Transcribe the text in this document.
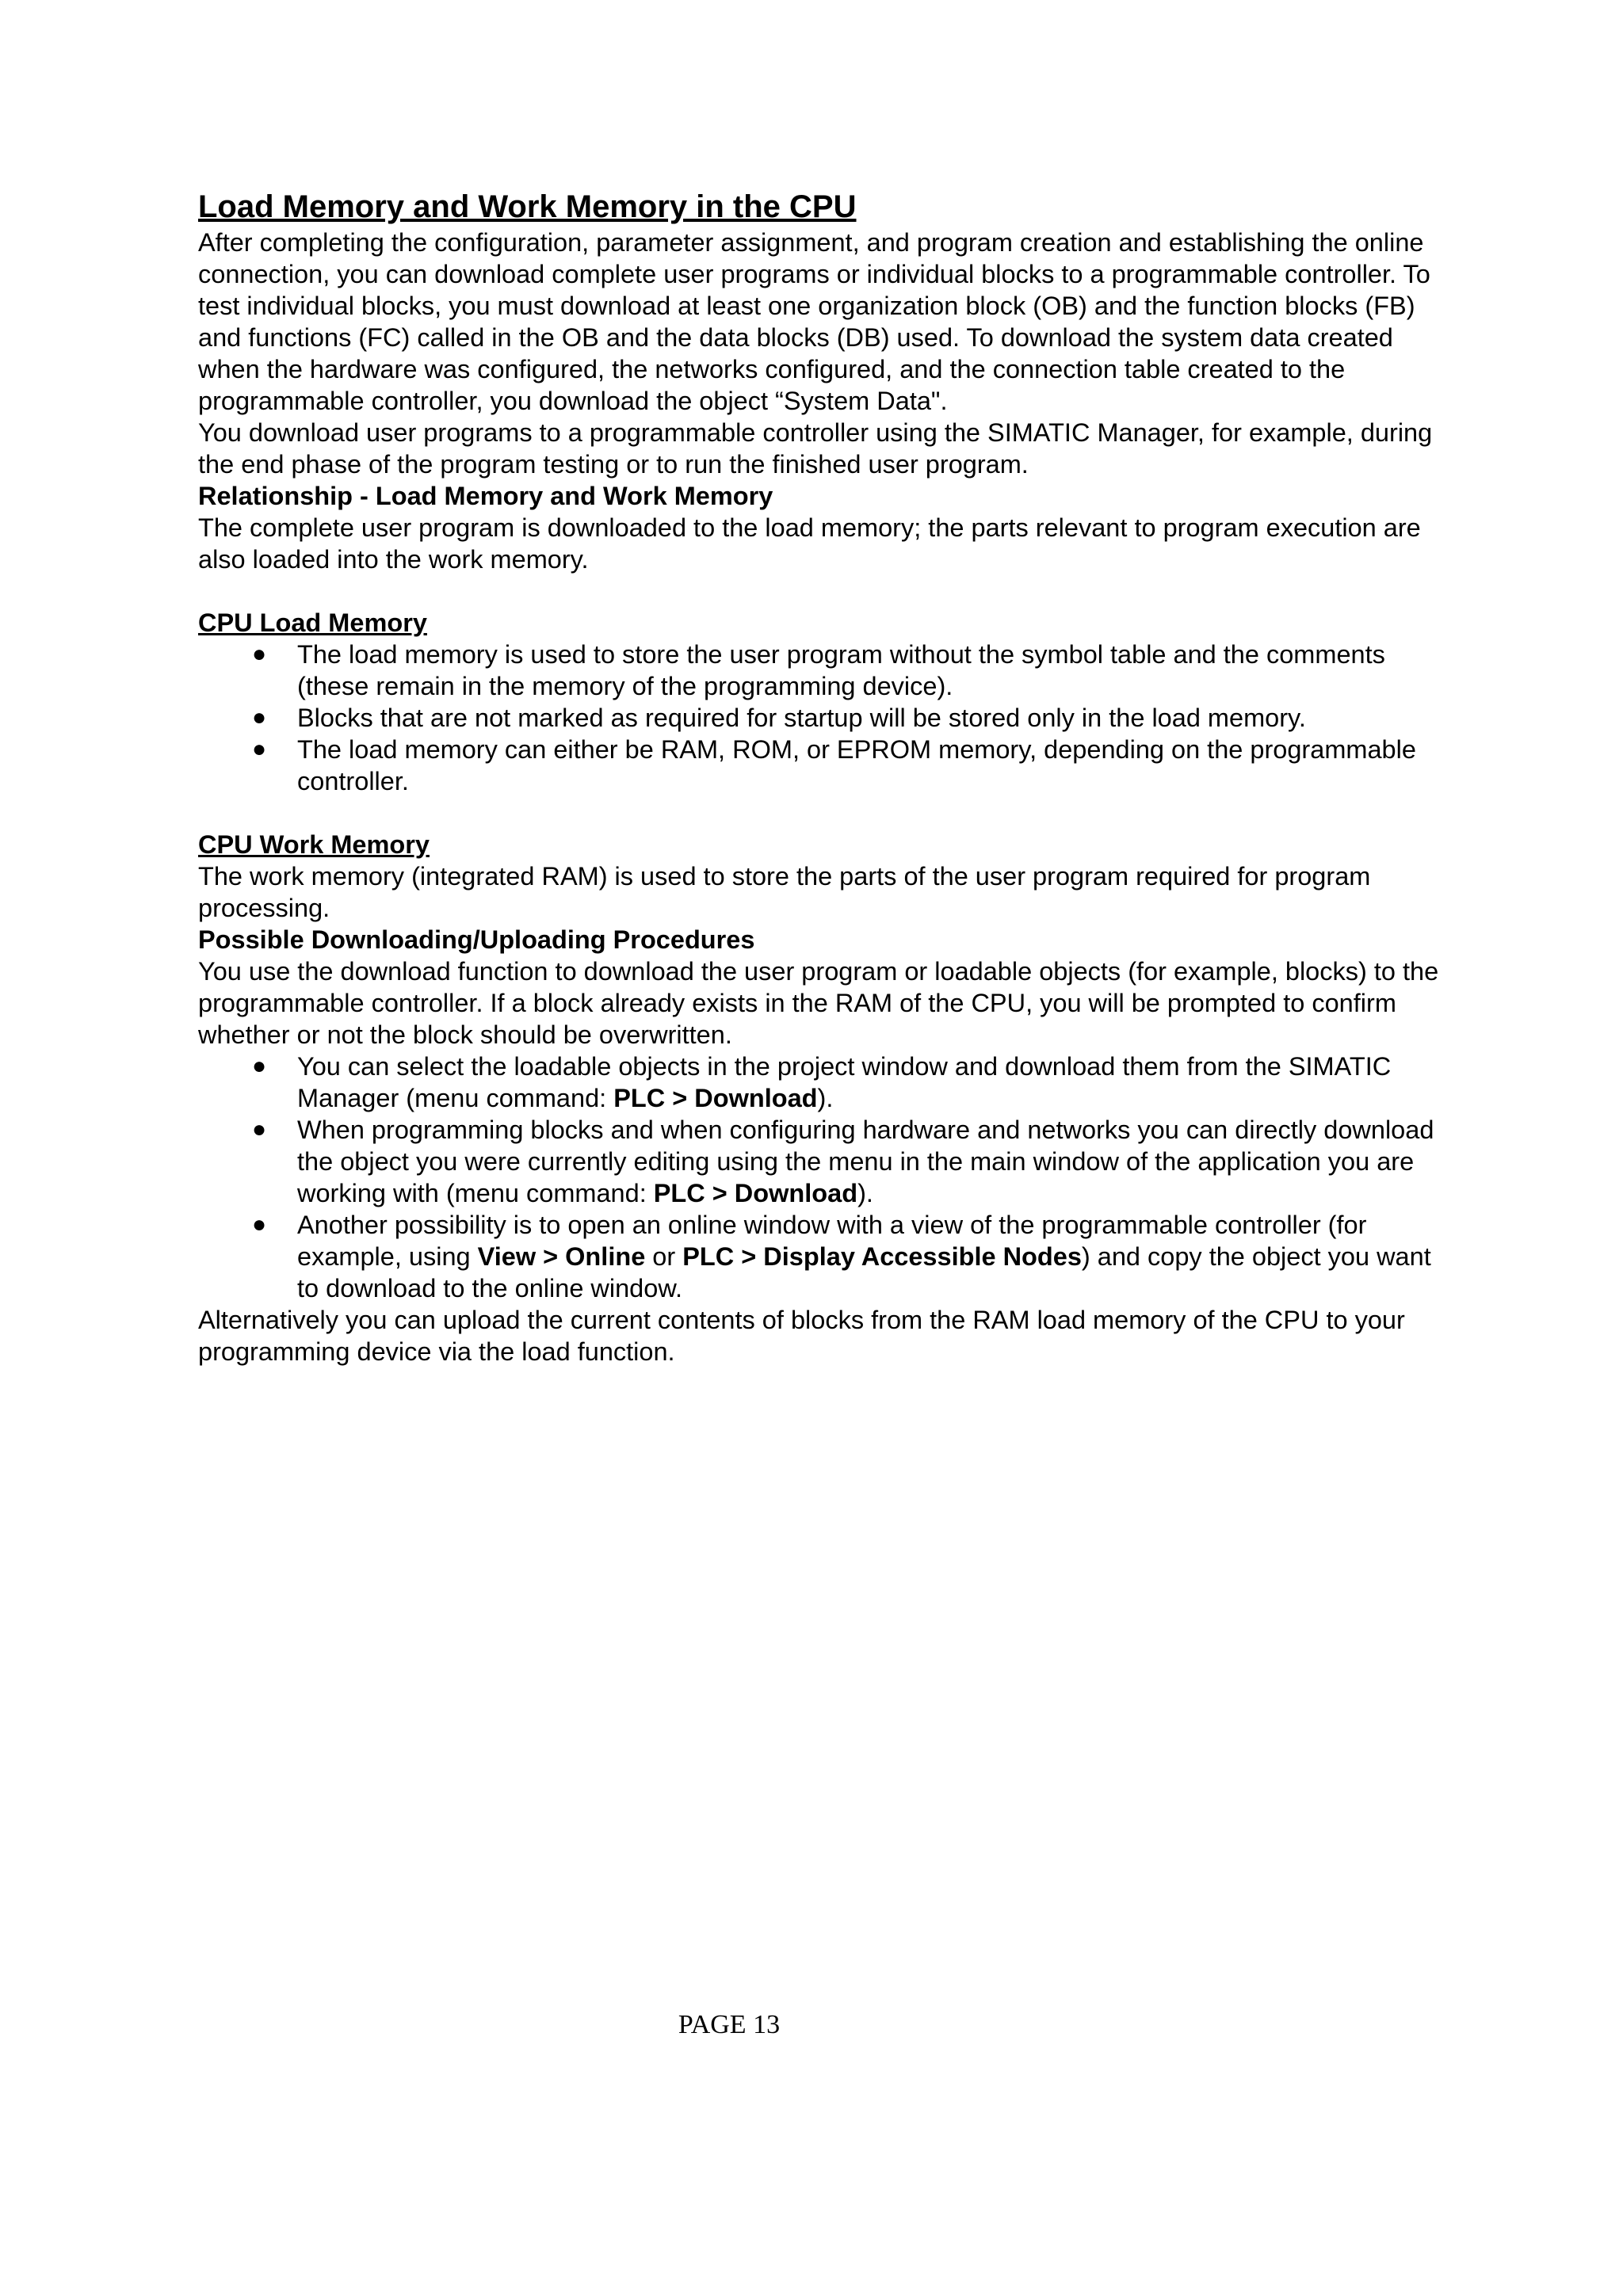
Load Memory and Work Memory in the CPU

After completing the configuration, parameter assignment, and program creation and establishing the online connection, you can download complete user programs or individual blocks to a programmable controller. To test individual blocks, you must download at least one organization block (OB) and the function blocks (FB) and functions (FC) called in the OB and the data blocks (DB) used. To download the system data created when the hardware was configured, the networks configured, and the connection table created to the programmable controller, you download the object “System Data".

You download user programs to a programmable controller using the SIMATIC Manager, for example, during the end phase of the program testing or to run the finished user program.

Relationship - Load Memory and Work Memory

The complete user program is downloaded to the load memory; the parts relevant to program execution are also loaded into the work memory.

CPU Load Memory

● The load memory is used to store the user program without the symbol table and the comments (these remain in the memory of the programming device).
● Blocks that are not marked as required for startup will be stored only in the load memory.
● The load memory can either be RAM, ROM, or EPROM memory, depending on the programmable controller.

CPU Work Memory

The work memory (integrated RAM) is used to store the parts of the user program required for program processing.

Possible Downloading/Uploading Procedures

You use the download function to download the user program or loadable objects (for example, blocks) to the programmable controller. If a block already exists in the RAM of the CPU, you will be prompted to confirm whether or not the block should be overwritten.

● You can select the loadable objects in the project window and download them from the SIMATIC Manager (menu command: PLC > Download).
● When programming blocks and when configuring hardware and networks you can directly download the object you were currently editing using the menu in the main window of the application you are working with (menu command: PLC > Download).
● Another possibility is to open an online window with a view of the programmable controller (for example, using View > Online or PLC > Display Accessible Nodes) and copy the object you want to download to the online window.

Alternatively you can upload the current contents of blocks from the RAM load memory of the CPU to your programming device via the load function.

PAGE 13
